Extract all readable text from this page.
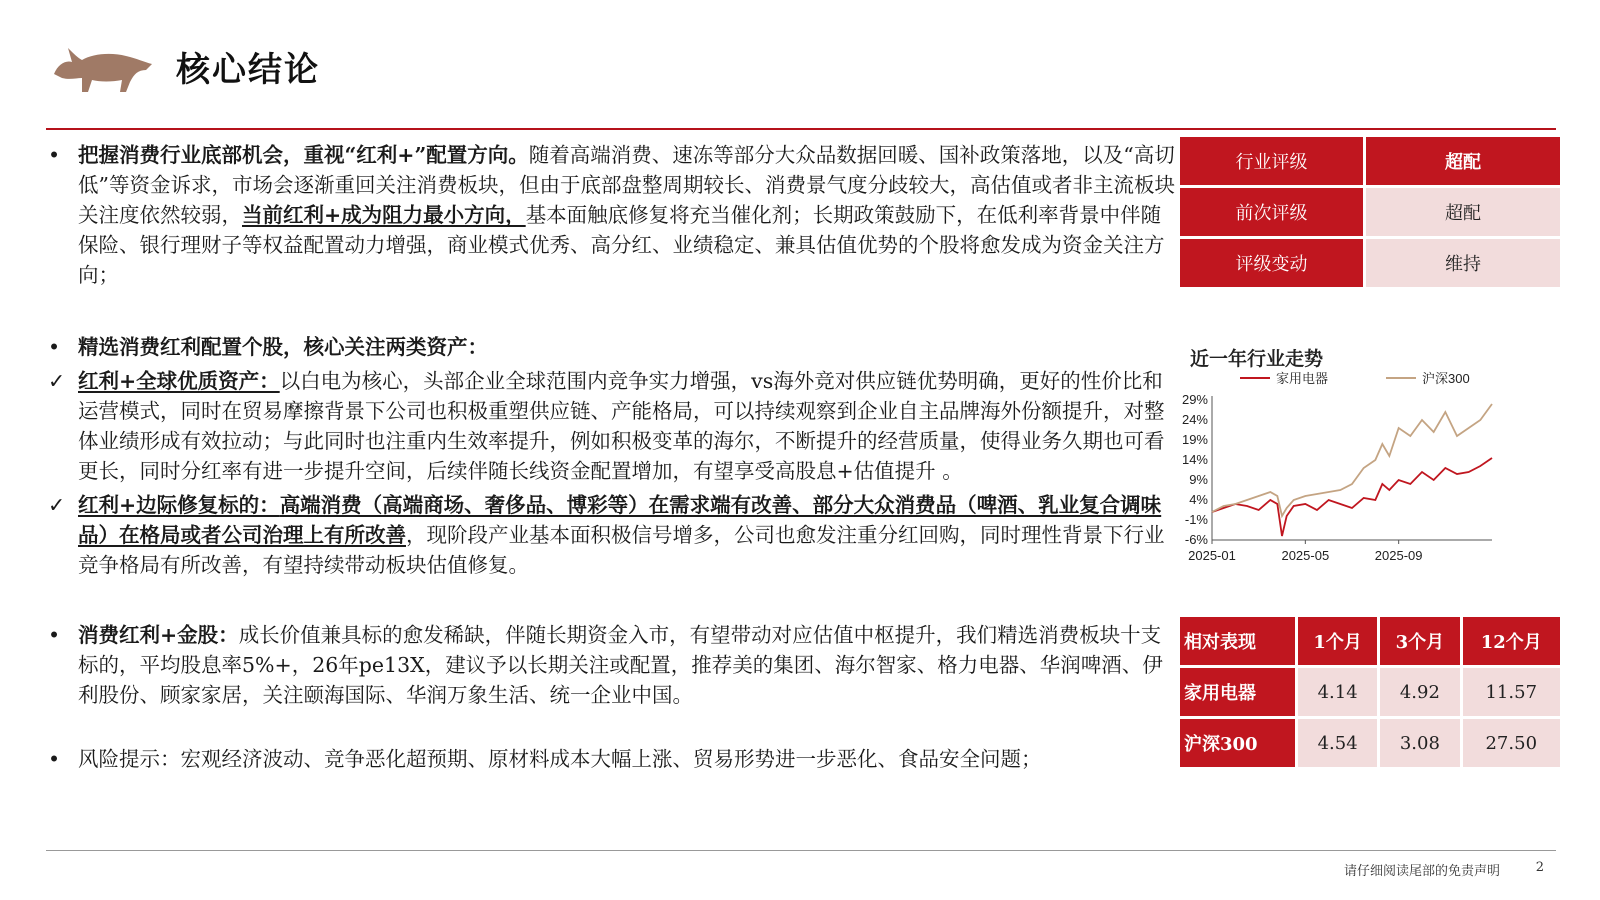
核心结论
• 把握消费行业底部机会，重视“红利+”配置方向。随着高端消费、速冻等部分大众品数据回暖、国补政策落地，以及“高切低”等资金诉求，市场会逐渐重回关注消费板块，但由于底部盘整周期较长、消费景气度分歧较大，高估值或者非主流板块关注度依然较弱，当前红利+成为阻力最小方向，基本面触底修复将充当催化剂；长期政策鼓励下，在低利率背景中伴随保险、银行理财子等权益配置动力增强，商业模式优秀、高分红、业绩稳定、兼具估值优势的个股将愈发成为资金关注方向；
• 精选消费红利配置个股，核心关注两类资产：
✓ 红利+全球优质资产：以白电为核心，头部企业全球范围内竞争实力增强，vs海外竞对供应链优势明确，更好的性价比和运营模式，同时在贸易摩擦背景下公司也积极重塑供应链、产能格局，可以持续观察到企业自主品牌海外份额提升，对整体业绩形成有效拉动；与此同时也注重内生效率提升，例如积极变革的海尔，不断提升的经营质量，使得业务久期也可看更长，同时分红率有进一步提升空间，后续伴随长线资金配置增加，有望享受高股息+估值提升 。
✓ 红利+边际修复标的：高端消费（高端商场、奢侈品、博彩等）在需求端有改善、部分大众消费品（啤酒、乳业复合调味品）在格局或者公司治理上有所改善，现阶段产业基本面积极信号增多，公司也愈发注重分红回购，同时理性背景下行业竞争格局有所改善，有望持续带动板块估值修复。
• 消费红利+金股：成长价值兼具标的愈发稀缺，伴随长期资金入市，有望带动对应估值中枢提升，我们精选消费板块十支标的，平均股息率5%+，26年pe13X，建议予以长期关注或配置，推荐美的集团、海尔智家、格力电器、华润啤酒、伊利股份、顾家家居，关注颐海国际、华润万象生活、统一企业中国。
• 风险提示：宏观经济波动、竞争恶化超预期、原材料成本大幅上涨、贸易形势进一步恶化、食品安全问题；
行业评级	超配
前次评级	超配
评级变动	维持
近一年行业走势
29%
24%
19%
14%
9%
4%
-1%
-6%
2025-01	2025-05	2025-09
家用电器	沪深300
相对表现	1个月	3个月	12个月
家用电器	4.14	4.92	11.57
沪深300	4.54	3.08	27.50
请仔细阅读尾部的免责声明	2
